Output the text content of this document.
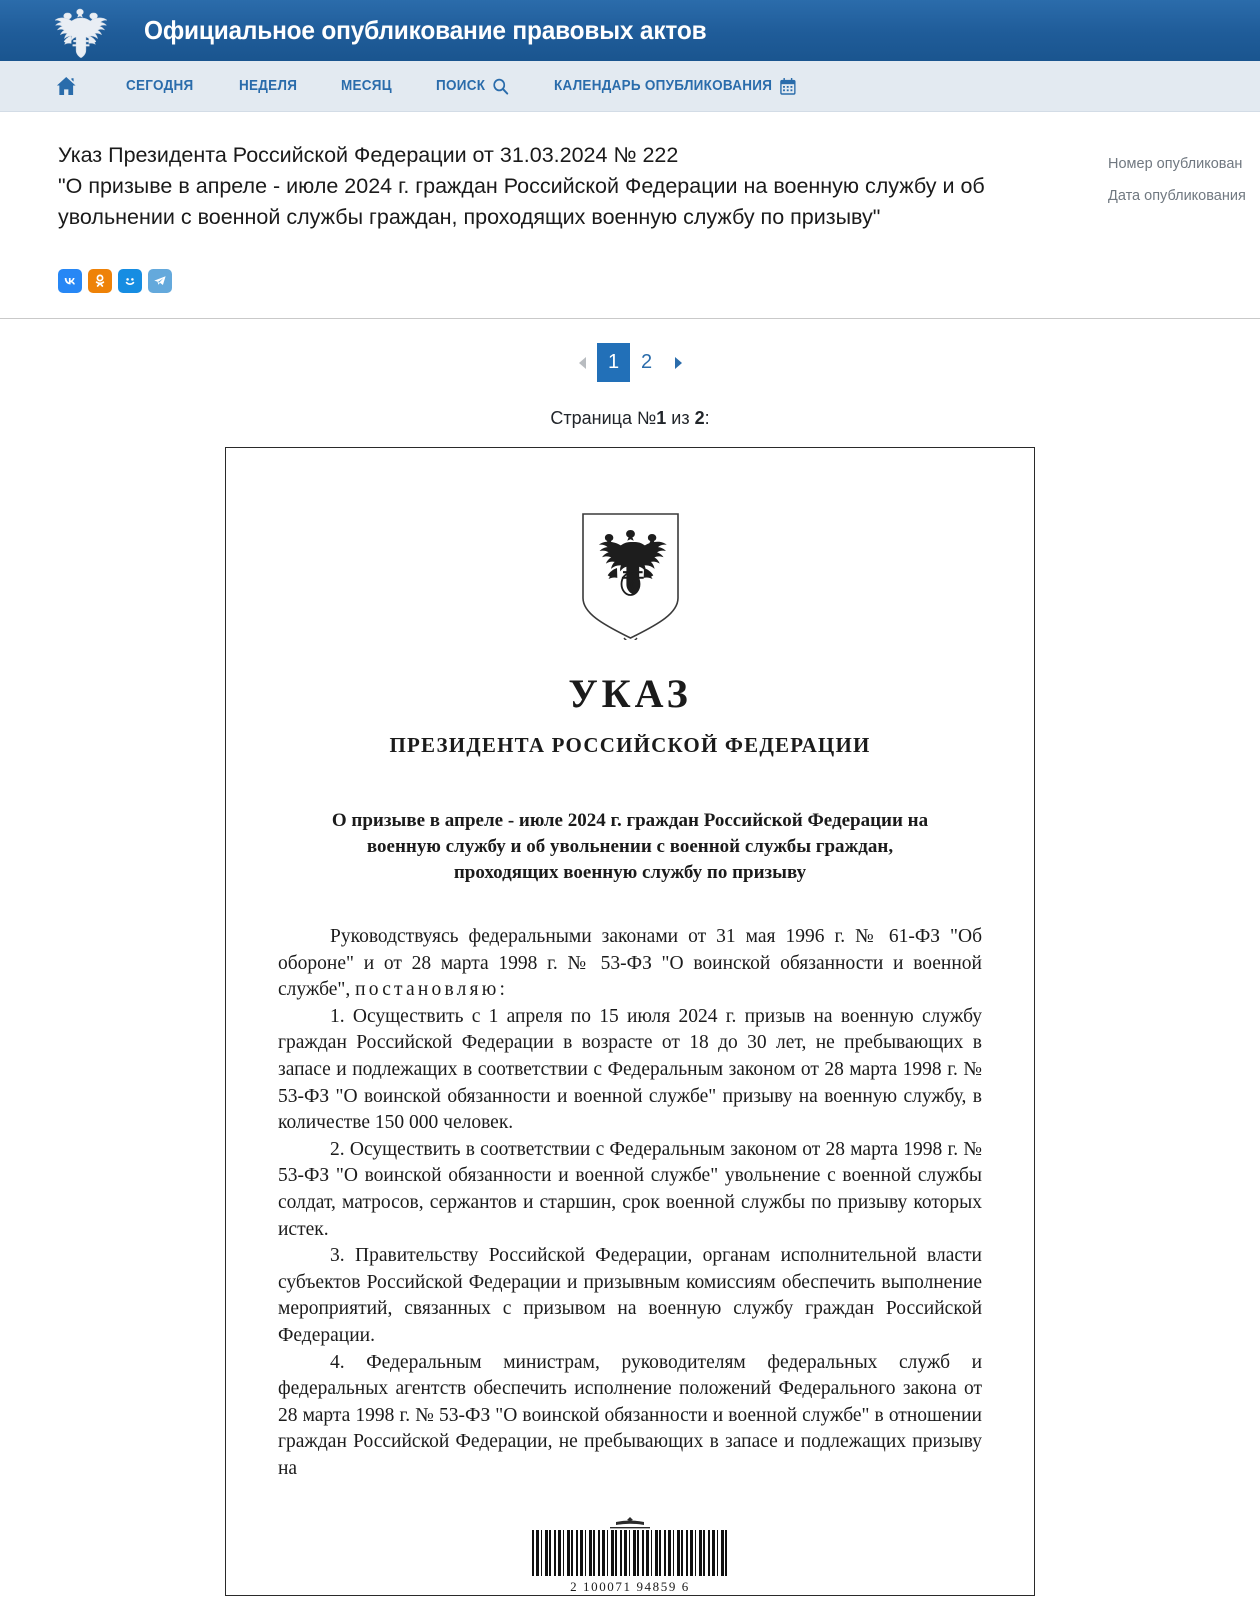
Официальное опубликование правовых актов
СЕГОДНЯ	НЕДЕЛЯ	МЕСЯЦ	ПОИСК	КАЛЕНДАРЬ ОПУБЛИКОВАНИЯ
Указ Президента Российской Федерации от 31.03.2024 № 222
"О призыве в апреле - июле 2024 г. граждан Российской Федерации на военную службу и об увольнении с военной службы граждан, проходящих военную службу по призыву"
Номер опубликован
Дата опубликования
1	2
Страница №1 из 2:
УКАЗ
ПРЕЗИДЕНТА РОССИЙСКОЙ ФЕДЕРАЦИИ
О призыве в апреле - июле 2024 г. граждан Российской Федерации на военную службу и об увольнении с военной службы граждан, проходящих военную службу по призыву

Руководствуясь федеральными законами от 31 мая 1996 г. № 61-ФЗ "Об обороне" и от 28 марта 1998 г. № 53-ФЗ "О воинской обязанности и военной службе", постановляю:

1. Осуществить с 1 апреля по 15 июля 2024 г. призыв на военную службу граждан Российской Федерации в возрасте от 18 до 30 лет, не пребывающих в запасе и подлежащих в соответствии с Федеральным законом от 28 марта 1998 г. № 53-ФЗ "О воинской обязанности и военной службе" призыву на военную службу, в количестве 150 000 человек.

2. Осуществить в соответствии с Федеральным законом от 28 марта 1998 г. № 53-ФЗ "О воинской обязанности и военной службе" увольнение с военной службы солдат, матросов, сержантов и старшин, срок военной службы по призыву которых истек.

3. Правительству Российской Федерации, органам исполнительной власти субъектов Российской Федерации и призывным комиссиям обеспечить выполнение мероприятий, связанных с призывом на военную службу граждан Российской Федерации.

4. Федеральным министрам, руководителям федеральных служб и федеральных агентств обеспечить исполнение положений Федерального закона от 28 марта 1998 г. № 53-ФЗ "О воинской обязанности и военной службе" в отношении граждан Российской Федерации, не пребывающих в запасе и подлежащих призыву на

2 100071 94859 6
